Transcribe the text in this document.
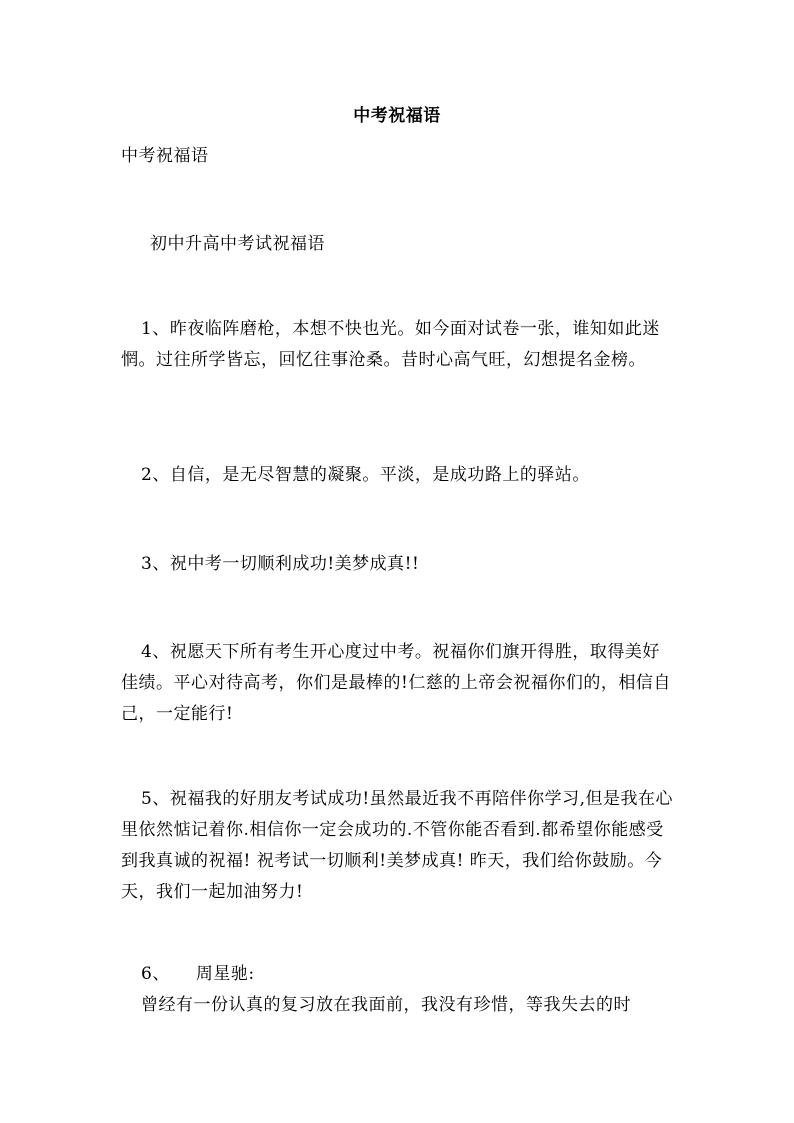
中考祝福语
中考祝福语
初中升高中考试祝福语

1、昨夜临阵磨枪，本想不快也光。如今面对试卷一张，谁知如此迷惘。过往所学皆忘，回忆往事沧桑。昔时心高气旺，幻想提名金榜。

2、自信，是无尽智慧的凝聚。平淡，是成功路上的驿站。

3、祝中考一切顺利成功!美梦成真!!

4、祝愿天下所有考生开心度过中考。祝福你们旗开得胜，取得美好佳绩。平心对待高考，你们是最棒的!仁慈的上帝会祝福你们的，相信自己，一定能行!

5、祝福我的好朋友考试成功!虽然最近我不再陪伴你学习,但是我在心里依然惦记着你.相信你一定会成功的.不管你能否看到.都希望你能感受到我真诚的祝福! 祝考试一切顺利!美梦成真! 昨天，我们给你鼓励。今天，我们一起加油努力!

6、 周星驰:

曾经有一份认真的复习放在我面前，我没有珍惜，等我失去的时
